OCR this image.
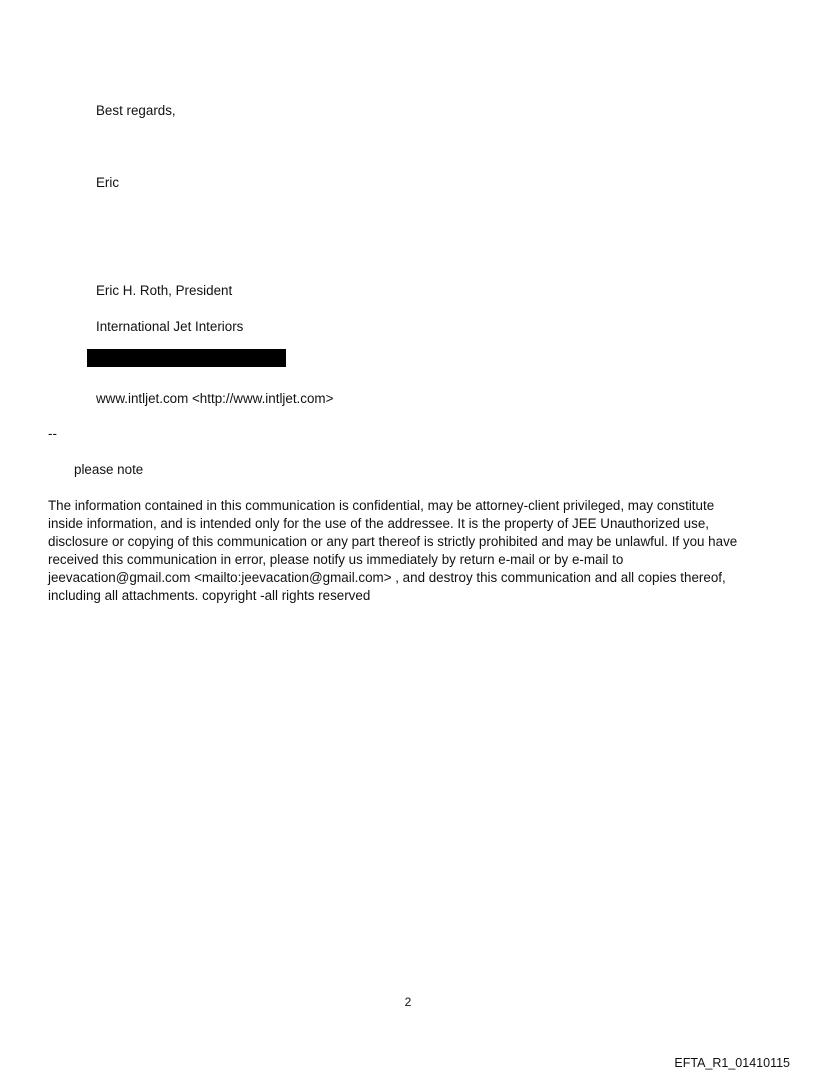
Best regards,
Eric
Eric H. Roth, President
International Jet Interiors
www.intljet.com <http://www.intljet.com>
--
please note
The information contained in this communication is confidential, may be attorney-client privileged, may constitute
inside information, and is intended only for the use of the addressee. It is the property of JEE Unauthorized use,
disclosure or copying of this communication or any part thereof is strictly prohibited and may be unlawful. If you have
received this communication in error, please notify us immediately by return e-mail or by e-mail to
jeevacation@gmail.com <mailto:jeevacation@gmail.com> , and destroy this communication and all copies thereof,
including all attachments. copyright -all rights reserved
2
EFTA_R1_01410115
